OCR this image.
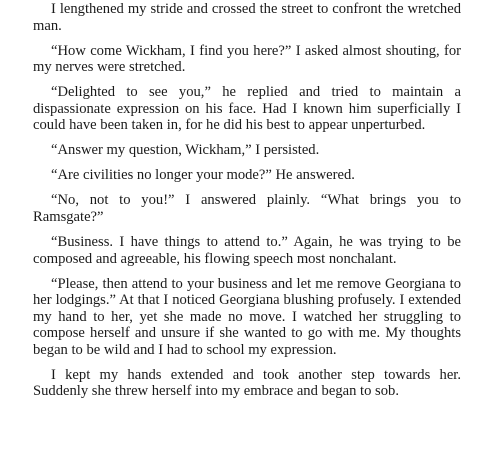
I lengthened my stride and crossed the street to confront the wretched man.

“How come Wickham, I find you here?” I asked almost shouting, for my nerves were stretched.

“Delighted to see you,” he replied and tried to maintain a dispassionate expression on his face. Had I known him superficially I could have been taken in, for he did his best to appear unperturbed.

“Answer my question, Wickham,” I persisted.

“Are civilities no longer your mode?” He answered.

“No, not to you!” I answered plainly. “What brings you to Ramsgate?”

“Business. I have things to attend to.” Again, he was trying to be composed and agreeable, his flowing speech most nonchalant.

“Please, then attend to your business and let me remove Georgiana to her lodgings.” At that I noticed Georgiana blushing profusely. I extended my hand to her, yet she made no move. I watched her struggling to compose herself and unsure if she wanted to go with me. My thoughts began to be wild and I had to school my expression.

I kept my hands extended and took another step towards her. Suddenly she threw herself into my embrace and began to sob.
